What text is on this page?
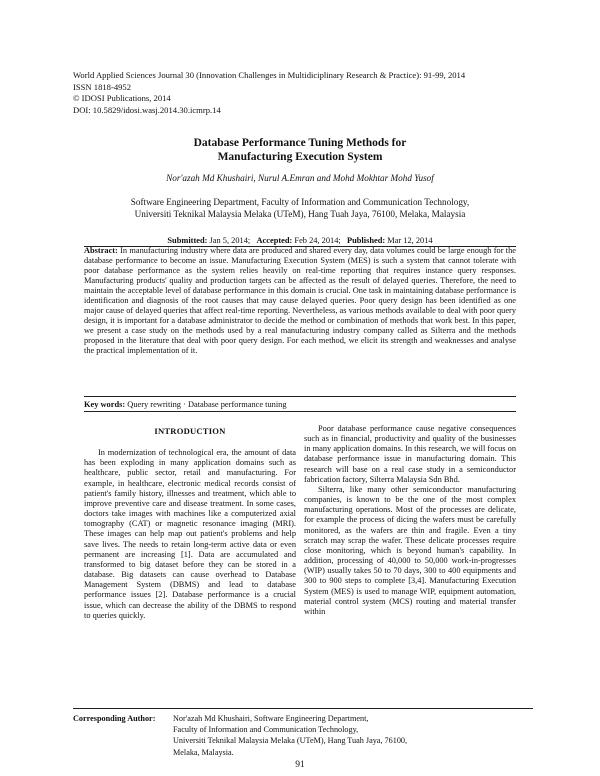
World Applied Sciences Journal 30 (Innovation Challenges in Multidiciplinary Research & Practice): 91-99, 2014
ISSN 1818-4952
© IDOSI Publications, 2014
DOI: 10.5829/idosi.wasj.2014.30.icmrp.14
Database Performance Tuning Methods for
Manufacturing Execution System
Nor'azah Md Khushairi, Nurul A.Emran and Mohd Mokhtar Mohd Yusof
Software Engineering Department, Faculty of Information and Communication Technology,
Universiti Teknikal Malaysia Melaka (UTeM), Hang Tuah Jaya, 76100, Melaka, Malaysia
Submitted: Jan 5, 2014; Accepted: Feb 24, 2014; Published: Mar 12, 2014
Abstract: In manufacturing industry where data are produced and shared every day, data volumes could be large enough for the database performance to become an issue. Manufacturing Execution System (MES) is such a system that cannot tolerate with poor database performance as the system relies heavily on real-time reporting that requires instance query responses. Manufacturing products' quality and production targets can be affected as the result of delayed queries. Therefore, the need to maintain the acceptable level of database performance in this domain is crucial. One task in maintaining database performance is identification and diagnosis of the root causes that may cause delayed queries. Poor query design has been identified as one major cause of delayed queries that affect real-time reporting. Nevertheless, as various methods available to deal with poor query design, it is important for a database administrator to decide the method or combination of methods that work best. In this paper, we present a case study on the methods used by a real manufacturing industry company called as Silterra and the methods proposed in the literature that deal with poor query design. For each method, we elicit its strength and weaknesses and analyse the practical implementation of it.
Key words: Query rewriting · Database performance tuning
INTRODUCTION

In modernization of technological era, the amount of data has been exploding in many application domains such as healthcare, public sector, retail and manufacturing. For example, in healthcare, electronic medical records consist of patient's family history, illnesses and treatment, which able to improve preventive care and disease treatment. In some cases, doctors take images with machines like a computerized axial tomography (CAT) or magnetic resonance imaging (MRI). These images can help map out patient's problems and help save lives. The needs to retain long-term active data or even permanent are increasing [1]. Data are accumulated and transformed to big dataset before they can be stored in a database. Big datasets can cause overhead to Database Management System (DBMS) and lead to database performance issues [2]. Database performance is a crucial issue, which can decrease the ability of the DBMS to respond to queries quickly.

Poor database performance cause negative consequences such as in financial, productivity and quality of the businesses in many application domains. In this research, we will focus on database performance issue in manufacturing domain. This research will base on a real case study in a semiconductor fabrication factory, Silterra Malaysia Sdn Bhd.

Silterra, like many other semiconductor manufacturing companies, is known to be the one of the most complex manufacturing operations. Most of the processes are delicate, for example the process of dicing the wafers must be carefully monitored, as the wafers are thin and fragile. Even a tiny scratch may scrap the wafer. These delicate processes require close monitoring, which is beyond human's capability. In addition, processing of 40,000 to 50,000 work-in-progresses (WIP) usually takes 50 to 70 days, 300 to 400 equipments and 300 to 900 steps to complete [3,4]. Manufacturing Execution System (MES) is used to manage WIP, equipment automation, material control system (MCS) routing and material transfer within

Corresponding Author: Nor'azah Md Khushairi, Software Engineering Department,
Faculty of Information and Communication Technology,
Universiti Teknikal Malaysia Melaka (UTeM), Hang Tuah Jaya, 76100,
Melaka, Malaysia.
91
